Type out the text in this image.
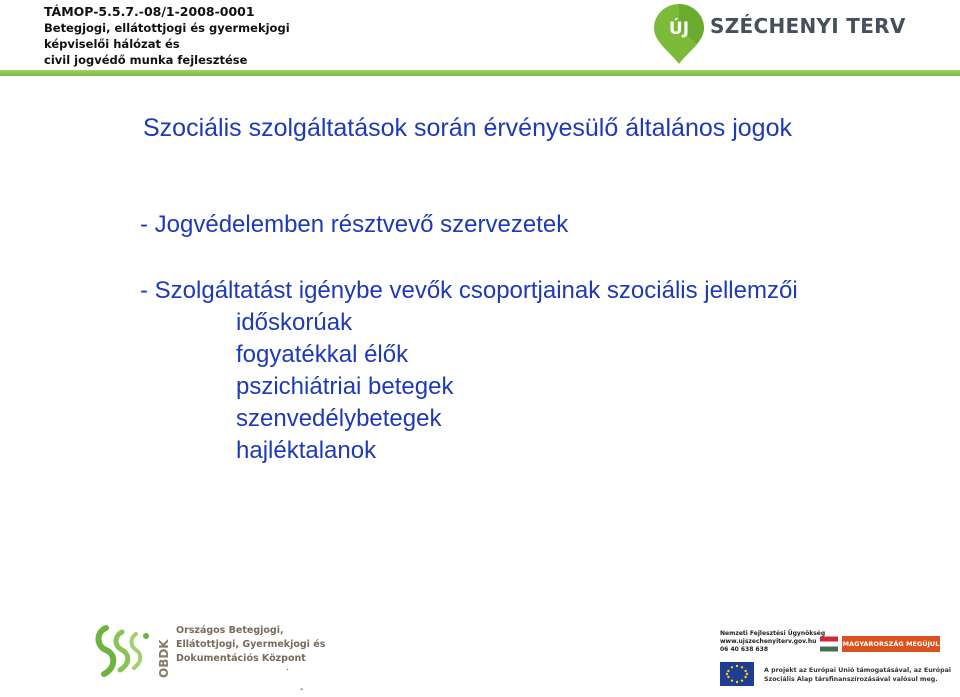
TÁMOP-5.5.7.-08/1-2008-0001
Betegjogi, ellátottjogi és gyermekjogi
képviselői hálózat és
civil jogvédő munka fejlesztése
ÚJ SZÉCHENYI TERV
Szociális szolgáltatások során érvényesülő általános jogok
- Jogvédelemben résztvevő szervezetek
- Szolgáltatást igénybe vevők csoportjainak szociális jellemzői
időskorúak
fogyatékkal élők
pszichiátriai betegek
szenvedélybetegek
hajléktalanok
OBDK
Országos Betegjogi,
Ellátottjogi, Gyermekjogi és
Dokumentációs Központ
·
-
Nemzeti Fejlesztési Ügynökség
www.ujszechenyiterv.gov.hu
06 40 638 638
MAGYARORSZÁG MEGÚJUL
A projekt az Európai Unió támogatásával, az Európai
Szociális Alap társfinanszírozásával valósul meg.
